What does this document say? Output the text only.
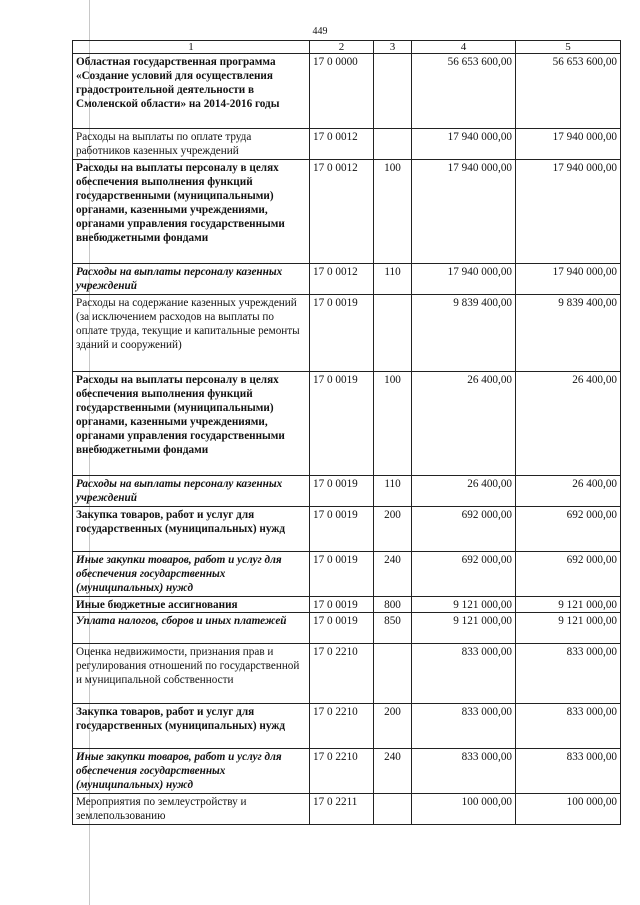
449
1	2	3	4	5
Областная государственная программа «Создание условий для осуществления градостроительной деятельности в Смоленской области» на 2014-2016 годы	17 0 0000		56 653 600,00	56 653 600,00
Расходы на выплаты по оплате труда работников казенных учреждений	17 0 0012		17 940 000,00	17 940 000,00
Расходы на выплаты персоналу в целях обеспечения выполнения функций государственными (муниципальными) органами, казенными учреждениями, органами управления государственными внебюджетными фондами	17 0 0012	100	17 940 000,00	17 940 000,00
Расходы на выплаты персоналу казенных учреждений	17 0 0012	110	17 940 000,00	17 940 000,00
Расходы на содержание казенных учреждений (за исключением расходов на выплаты по оплате труда, текущие и капитальные ремонты зданий и сооружений)	17 0 0019		9 839 400,00	9 839 400,00
Расходы на выплаты персоналу в целях обеспечения выполнения функций государственными (муниципальными) органами, казенными учреждениями, органами управления государственными внебюджетными фондами	17 0 0019	100	26 400,00	26 400,00
Расходы на выплаты персоналу казенных учреждений	17 0 0019	110	26 400,00	26 400,00
Закупка товаров, работ и услуг для государственных (муниципальных) нужд	17 0 0019	200	692 000,00	692 000,00
Иные закупки товаров, работ и услуг для обеспечения государственных (муниципальных) нужд	17 0 0019	240	692 000,00	692 000,00
Иные бюджетные ассигнования	17 0 0019	800	9 121 000,00	9 121 000,00
Уплата налогов, сборов и иных платежей	17 0 0019	850	9 121 000,00	9 121 000,00
Оценка недвижимости, признания прав и регулирования отношений по государственной и муниципальной собственности	17 0 2210		833 000,00	833 000,00
Закупка товаров, работ и услуг для государственных (муниципальных) нужд	17 0 2210	200	833 000,00	833 000,00
Иные закупки товаров, работ и услуг для обеспечения государственных (муниципальных) нужд	17 0 2210	240	833 000,00	833 000,00
Мероприятия по землеустройству и землепользованию	17 0 2211		100 000,00	100 000,00
